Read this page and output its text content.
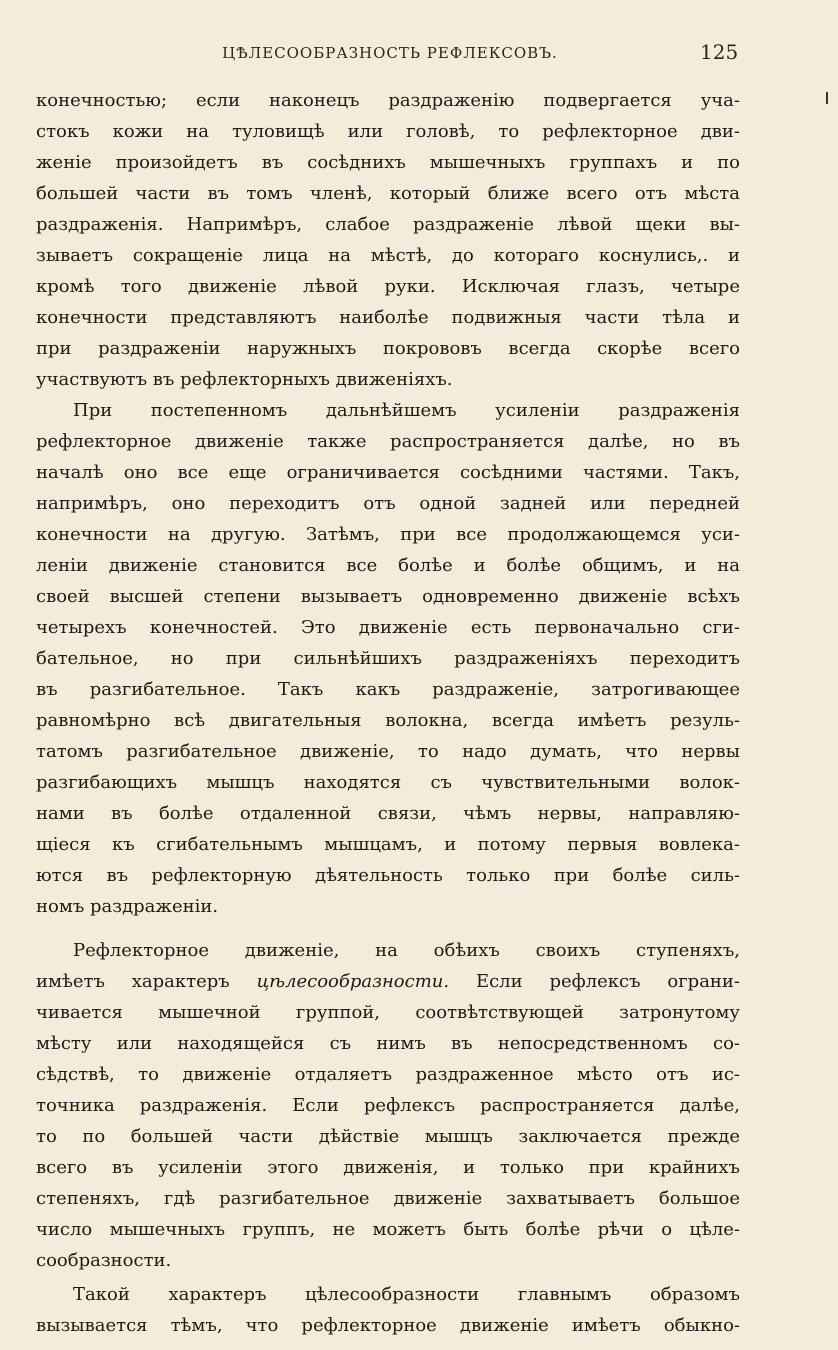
ЦѢЛЕСООБРАЗНОСТЬ РЕФЛЕКСОВЪ.	125
конечностью; если наконецъ раздраженію подвергается уча-
стокъ кожи на туловищѣ или головѣ, то рефлекторное дви-
женіе произойдетъ въ сосѣднихъ мышечныхъ группахъ и по
большей части въ томъ членѣ, который ближе всего отъ мѣста
раздраженія. Напримѣръ, слабое раздраженіе лѣвой щеки вы-
зываетъ сокращеніе лица на мѣстѣ, до котораго коснулись,. и
кромѣ того движеніе лѣвой руки. Исключая глазъ, четыре
конечности представляютъ наиболѣе подвижныя части тѣла и
при раздраженіи наружныхъ покрововъ всегда скорѣе всего
участвуютъ въ рефлекторныхъ движеніяхъ.
При постепенномъ дальнѣйшемъ усиленіи раздраженія
рефлекторное движеніе также распространяется далѣе, но въ
началѣ оно все еще ограничивается сосѣдними частями. Такъ,
напримѣръ, оно переходитъ отъ одной задней или передней
конечности на другую. Затѣмъ, при все продолжающемся уси-
леніи движеніе становится все болѣе и болѣе общимъ, и на
своей высшей степени вызываетъ одновременно движеніе всѣхъ
четырехъ конечностей. Это движеніе есть первоначально сги-
бательное, но при сильнѣйшихъ раздраженіяхъ переходитъ
въ разгибательное. Такъ какъ раздраженіе, затрогивающее
равномѣрно всѣ двигательныя волокна, всегда имѣетъ резуль-
татомъ разгибательное движеніе, то надо думать, что нервы
разгибающихъ мышцъ находятся съ чувствительными волок-
нами въ болѣе отдаленной связи, чѣмъ нервы, направляю-
щіеся къ сгибательнымъ мышцамъ, и потому первыя вовлека-
ются въ рефлекторную дѣятельность только при болѣе силь-
номъ раздраженіи.
Рефлекторное движеніе, на обѣихъ своихъ ступеняхъ,
имѣетъ характеръ цѣлесообразности. Если рефлексъ ограни-
чивается мышечной группой, соотвѣтствующей затронутому
мѣсту или находящейся съ нимъ въ непосредственномъ со-
сѣдствѣ, то движеніе отдаляетъ раздраженное мѣсто отъ ис-
точника раздраженія. Если рефлексъ распространяется далѣе,
то по большей части дѣйствіе мышцъ заключается прежде
всего въ усиленіи этого движенія, и только при крайнихъ
степеняхъ, гдѣ разгибательное движеніе захватываетъ большое
число мышечныхъ группъ, не можетъ быть болѣе рѣчи о цѣле-
сообразности.
Такой характеръ цѣлесообразности главнымъ образомъ
вызывается тѣмъ, что рефлекторное движеніе имѣетъ обыкно-
